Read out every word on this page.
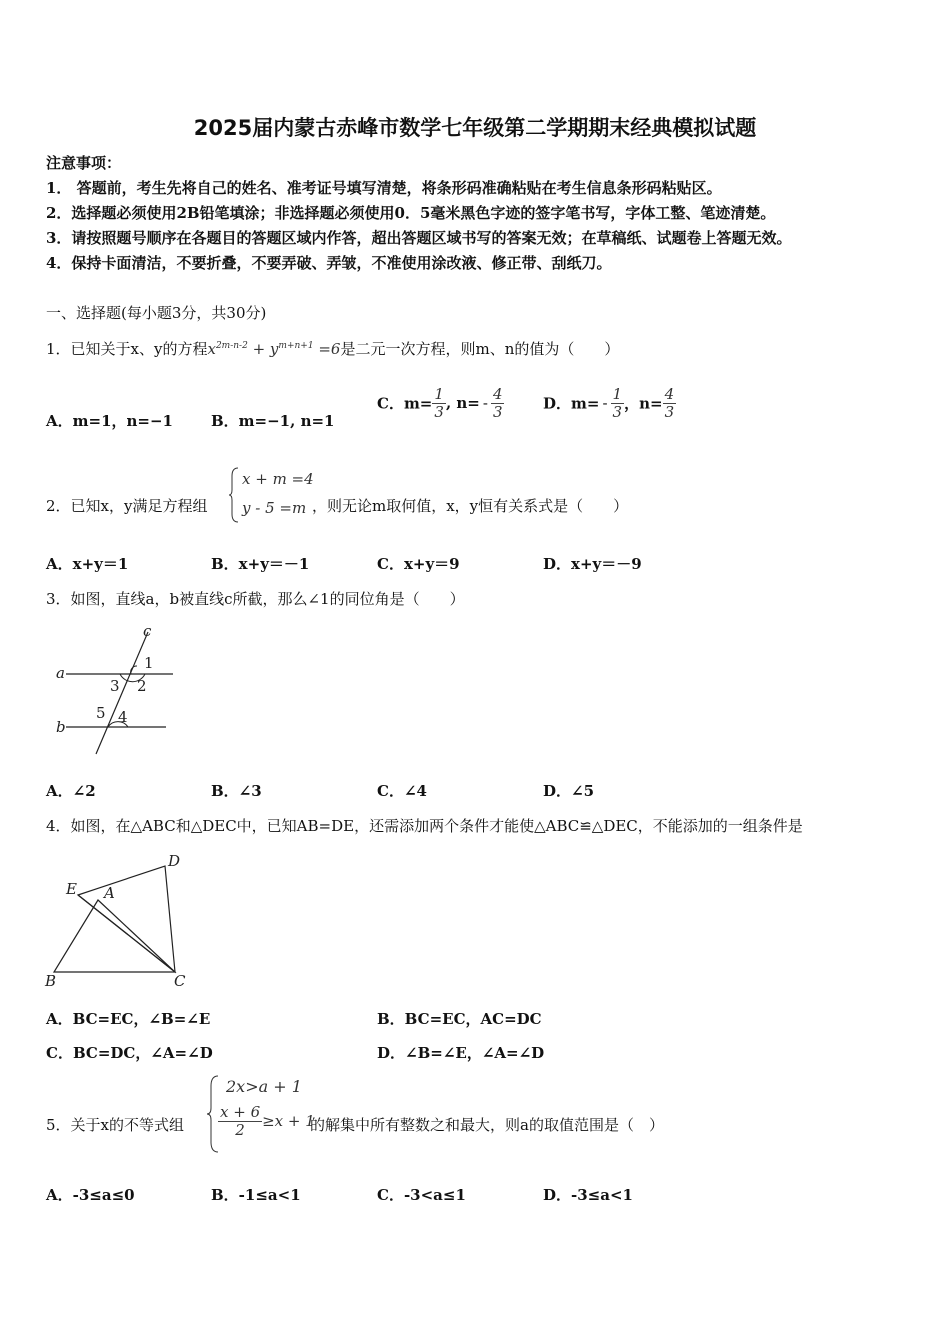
2025届内蒙古赤峰市数学七年级第二学期期末经典模拟试题
注意事项：
1． 答题前，考生先将自己的姓名、准考证号填写清楚，将条形码准确粘贴在考生信息条形码粘贴区。
2．选择题必须使用2B铅笔填涂；非选择题必须使用0．5毫米黑色字迹的签字笔书写，字体工整、笔迹清楚。
3．请按照题号顺序在各题目的答题区域内作答，超出答题区域书写的答案无效；在草稿纸、试题卷上答题无效。
4．保持卡面清洁，不要折叠，不要弄破、弄皱，不准使用涂改液、修正带、刮纸刀。
一、选择题(每小题3分，共30分)
1．已知关于x、y的方程$x^{2m-n-2} + y^{m+n+1} =6$是二元一次方程，则m、n的值为（　　）
A．m=1，n=−1	B．m=−1, n=1
C．$m= \frac{1}{3}$ , $n= - \frac{4}{3}$	D．$m= - \frac{1}{3}$ ，$n= \frac{4}{3}$
2．已知x，y满足方程组
x + m =4
y - 5 =m ，则无论m取何值，x，y恒有关系式是（　　）
A．x+y＝1	B．x+y＝－1	C．x+y＝9	D．x+y＝－9
3．如图，直线a，b被直线c所截，那么∠1的同位角是（　　）
c
a
b
1
2
3
4
5
A．∠2	B．∠3	C．∠4	D．∠5
4．如图，在△ABC和△DEC中，已知AB=DE，还需添加两个条件才能使△ABC≌△DEC，不能添加的一组条件是
D
E A
B	C
A．BC=EC，∠B=∠E	B．BC=EC，AC=DC
C．BC=DC，∠A=∠D	D．∠B=∠E，∠A=∠D
5．关于x的不等式组
2x>a + 1
$\frac{x + 6}{2} \ge x + 1$
的解集中所有整数之和最大，则a的取值范围是（　）
A．-3≤a≤0	B．-1≤a<1	C．-3<a≤1	D．-3≤a<1
